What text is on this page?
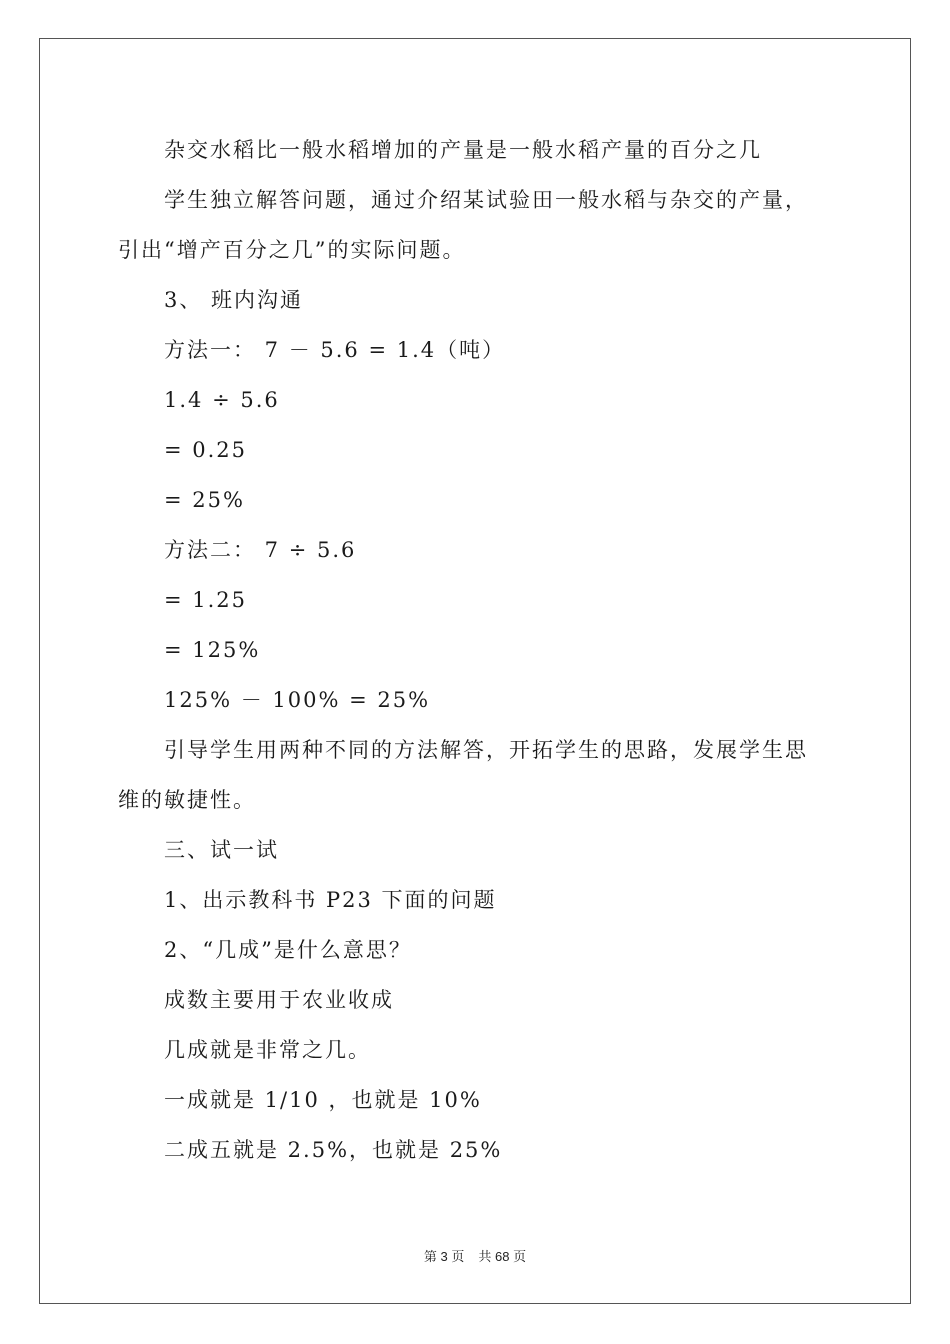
杂交水稻比一般水稻增加的产量是一般水稻产量的百分之几
学生独立解答问题，通过介绍某试验田一般水稻与杂交的产量，
引出“增产百分之几”的实际问题。
3、 班内沟通
方法一： 7 － 5.6 = 1.4（吨）
1.4 ÷ 5.6
= 0.25
= 25%
方法二： 7 ÷ 5.6
= 1.25
= 125%
125% － 100% = 25%
引导学生用两种不同的方法解答，开拓学生的思路，发展学生思
维的敏捷性。
三、试一试
1、出示教科书 P23 下面的问题
2、“几成”是什么意思？
成数主要用于农业收成
几成就是非常之几。
一成就是 1/10 ，也就是 10%
二成五就是 2.5%，也就是 25%
第 3 页 共 68 页
